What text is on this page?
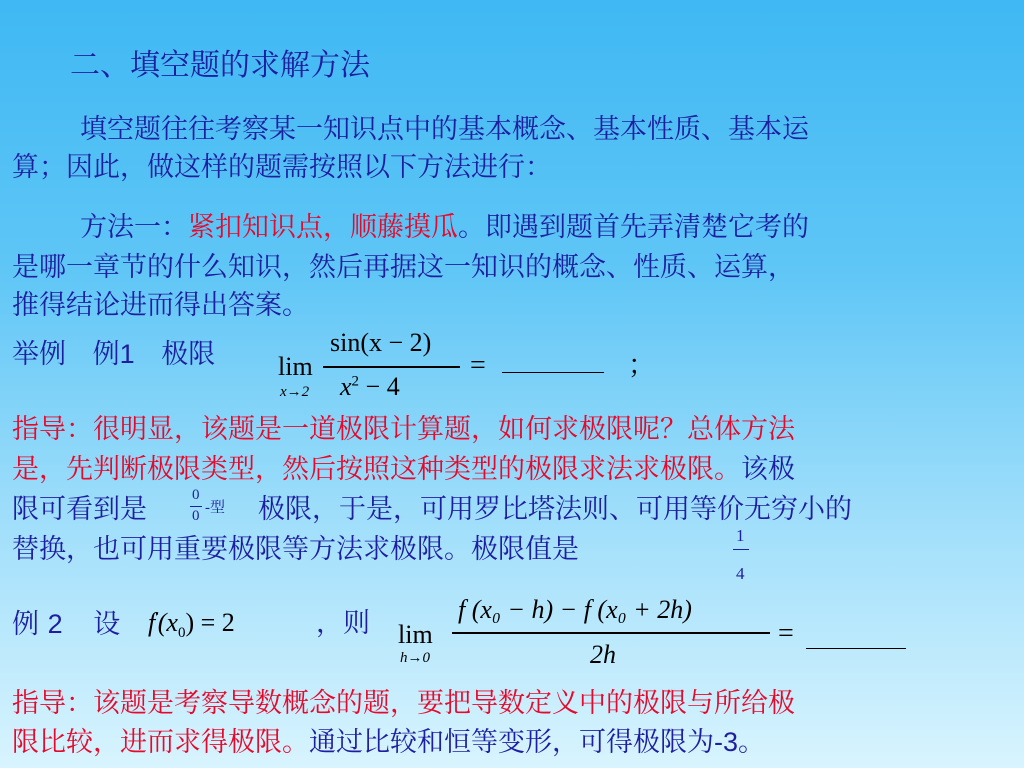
二、填空题的求解方法
填空题往往考察某一知识点中的基本概念、基本性质、基本运
算；因此，做这样的题需按照以下方法进行：
方法一：紧扣知识点，顺藤摸瓜。即遇到题首先弄清楚它考的
是哪一章节的什么知识，然后再据这一知识的概念、性质、运算，
推得结论进而得出答案。
举例 例1 极限 lim
x→2
sin(x − 2)
$x^2 - 4$
=	；
指导：很明显，该题是一道极限计算题，如何求极限呢？总体方法
是，先判断极限类型，然后按照这种类型的极限求法求极限。该极
限可看到是	0
0 -型 极限，于是，可用罗比塔法则、可用等价无穷小的
替换，也可用重要极限等方法求极限。极限值是	1
4
例 2 设 $f'(x_0) = 2$	，则 lim
h→0
f (x₀ − h) − f (x₀ + 2h)
2h
=
指导：该题是考察导数概念的题，要把导数定义中的极限与所给极
限比较，进而求得极限。通过比较和恒等变形，可得极限为-3。
